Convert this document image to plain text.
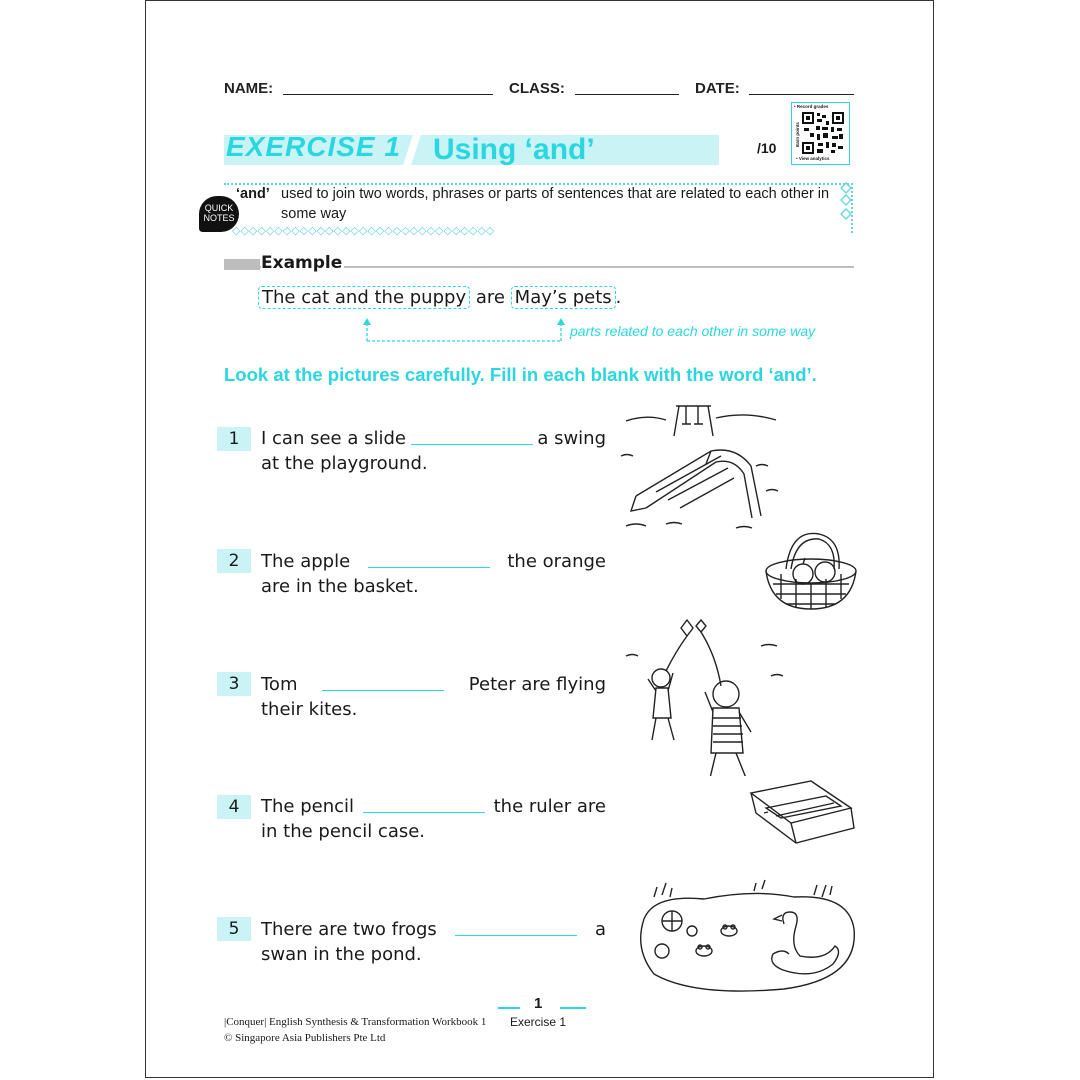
NAME:	CLASS:	DATE:
EXERCISE 1 Using ‘and’	/10
• Record grades
Earn points
• View analytics
◇◇◇◇◇◇◇◇◇◇◇◇◇◇◇◇◇◇◇◇◇◇◇◇◇◇◇◇◇◇◇
QUICK
NOTES
‘and’ used to join two words, phrases or parts of sentences that are related to each other in some way
Example
The cat and the puppy are May’s pets .
parts related to each other in some way
Look at the pictures carefully. Fill in each blank with the word ‘and’.
1	I can see a slide	a swing
at the playground.
2	The apple	the orange
are in the basket.
3	Tom	Peter are flying
their kites.
4	The pencil	the ruler are
in the pencil case.
5	There are two frogs	a
swan in the pond.
1
|Conquer| English Synthesis & Transformation Workbook 1 Exercise 1
© Singapore Asia Publishers Pte Ltd
